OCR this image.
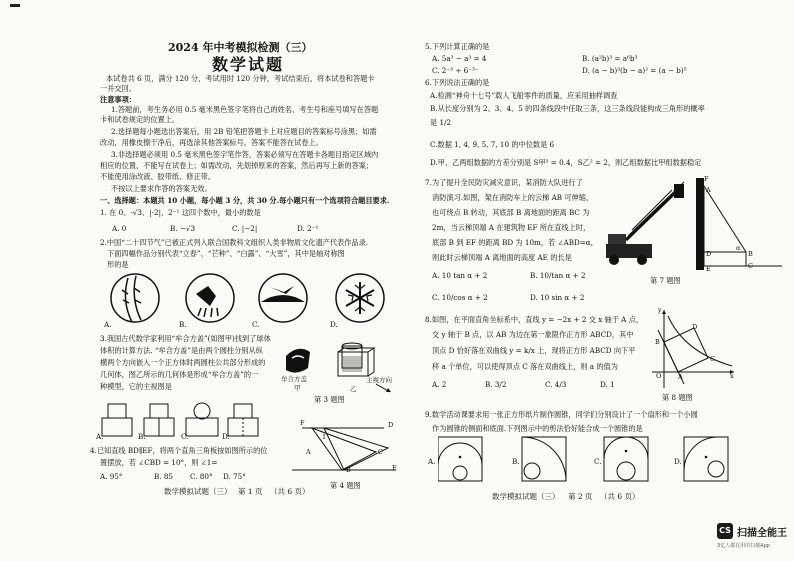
2024 年中考模拟检测（三）
数学试题
本试卷共 6 页，满分 120 分，考试用时 120 分钟，考试结束后，将本试卷和答题卡
一并交回。
注意事项：
1.答题前，考生务必用 0.5 毫米黑色签字笔将自己的姓名、考生号和座号填写在答题
卡和试卷规定的位置上。
2.选择题每小题选出答案后，用 2B 铅笔把答题卡上对应题目的答案标号涂黑；如需
改动，用橡皮擦干净后，再选涂其他答案标号。答案不能答在试卷上。
3.非选择题必须用 0.5 毫米黑色签字笔作答，答案必须写在答题卡各题目指定区域内
相应的位置，不能写在试卷上；如需改动，先划掉原来的答案，然后再写上新的答案；
不能使用涂改液、胶带纸、修正带。
不按以上要求作答的答案无效。
一、选择题：本题共 10 小题，每小题 3 分，共 30 分.每小题只有一个选项符合题目要求.
1. 在 0、-√3、|-2|、2⁻¹ 这四个数中，最小的数是
A. 0	B. −√3	C. |−2|	D. 2⁻¹
2.中国“二十四节气”已被正式列入联合国教科文组织人类非物质文化遗产代表作品录.
下面四幅作品分别代表“立春”、“芒种”、“白露”、“大雪”，其中是轴对称图
形的是
A.	B.	C.	D.
3.我国古代数学家利用“牟合方盖”(如图甲)找到了球体
体积的计算方法. “牟合方盖”是由两个圆柱分别从纵
横两个方向嵌入一个正方体时两圆柱公共部分形成的
几何体，图乙所示的几何体是形成“牟合方盖”的一
种模型，它的主视图是
牟合方盖
甲	乙
主视方向
第 3 题图
A.	B.	C.	D.
4.已知直线 BD∥EF，将两个直角三角板按如图所示的位
置摆放，若 ∠CBD = 10°，则 ∠1=
A. 95°	B. 85 C. 80° D. 75°
F
1
D
A	C
B	E
第 4 题图
数学模拟试题（三） 第 1 页 （共 6 页）
5.下列计算正确的是
A. 5a³ − a³ = 4	B. (a²b)³ = a⁶b³
C. 2⁻³ ÷ 6⁻³⁻	D. (a − b)³(b − a)² = (a − b)⁵
6.下列说法正确的是
A.检测“神舟十七号”载人飞船零件的质量，应采用抽样调查
B.从长度分别为 2、3、4、5 的四条线段中任取三条，这三条线段能构成三角形的概率
是 1/2
C.数据 1, 4, 9, 5, 7, 10 的中位数是 6
D.甲、乙两组数据的方差分别是 S甲² = 0.4，S乙² = 2，则乙组数据比甲组数据稳定
7.为了提升全民防灾减灾意识，某消防大队进行了
消防演习.如图，架在消防车上的云梯 AB 可伸缩，
也可绕点 B 转动，其底部 B 离地面的距离 BC 为
2m，当云梯顶端 A 在建筑物 EF 所在直线上时，
底部 B 到 EF 的距离 BD 为 10m，若 ∠ABD=α，
则此时云梯顶端 A 离地面的高度 AE 的长是
F
A
D	B
C
E
α
第 7 题图
A. 10 tan α + 2	B. 10/tan α + 2
C. 10/cos α + 2	D. 10 sin α + 2
8.如图，在平面直角坐标系中，直线 y = −2x + 2 交 x 轴于 A 点，
交 y 轴于 B 点，以 AB 为边在第一象限作正方形 ABCD，其中
顶点 D 恰好落在双曲线 y = k/x 上，现将正方形 ABCD 向下平
移 a 个单位，可以使得顶点 C 落在双曲线上，则 a 的值为
A. 2	B. 3/2	C. 4/3	D. 1
y
D
C
B
O	A	x
第 8 题图
9.数学活动课要求用一张正方形纸片制作圆锥，同学们分别设计了一个扇形和一个小圆
作为圆锥的侧面和底面.下列图示中的剪法恰好能合成一个圆锥的是
A.	B.	C.	D.
数学模拟试题（三） 第 2 页 （共 6 页）
CS 扫描全能王
3亿人都在用的扫描App
